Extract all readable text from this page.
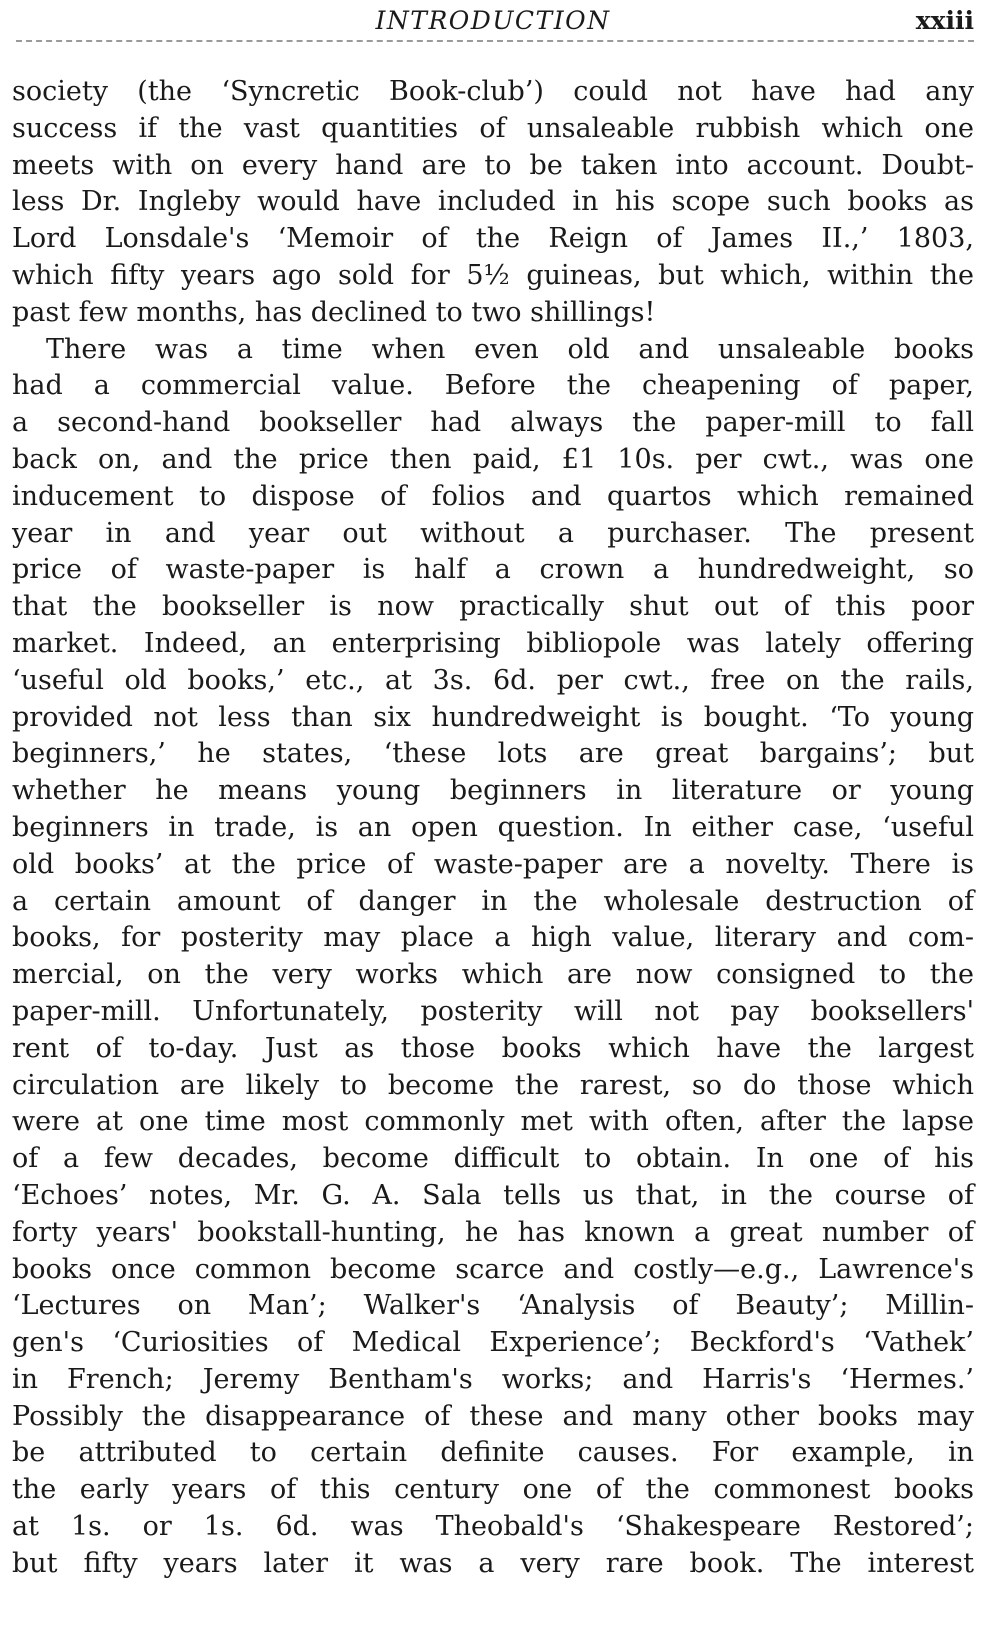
INTRODUCTION	xxiii
society (the ‘Syncretic Book-club’) could not have had any
success if the vast quantities of unsaleable rubbish which one
meets with on every hand are to be taken into account. Doubt-
less Dr. Ingleby would have included in his scope such books as
Lord Lonsdale's ‘Memoir of the Reign of James II.,’ 1803,
which fifty years ago sold for 5½ guineas, but which, within the
past few months, has declined to two shillings!
There was a time when even old and unsaleable books
had a commercial value. Before the cheapening of paper,
a second-hand bookseller had always the paper-mill to fall
back on, and the price then paid, £1 10s. per cwt., was one
inducement to dispose of folios and quartos which remained
year in and year out without a purchaser. The present
price of waste-paper is half a crown a hundredweight, so
that the bookseller is now practically shut out of this poor
market. Indeed, an enterprising bibliopole was lately offering
‘useful old books,’ etc., at 3s. 6d. per cwt., free on the rails,
provided not less than six hundredweight is bought. ‘To young
beginners,’ he states, ‘these lots are great bargains’; but
whether he means young beginners in literature or young
beginners in trade, is an open question. In either case, ‘useful
old books’ at the price of waste-paper are a novelty. There is
a certain amount of danger in the wholesale destruction of
books, for posterity may place a high value, literary and com-
mercial, on the very works which are now consigned to the
paper-mill. Unfortunately, posterity will not pay booksellers'
rent of to-day. Just as those books which have the largest
circulation are likely to become the rarest, so do those which
were at one time most commonly met with often, after the lapse
of a few decades, become difficult to obtain. In one of his
‘Echoes’ notes, Mr. G. A. Sala tells us that, in the course of
forty years' bookstall-hunting, he has known a great number of
books once common become scarce and costly—e.g., Lawrence's
‘Lectures on Man’; Walker's ‘Analysis of Beauty’; Millin-
gen's ‘Curiosities of Medical Experience’; Beckford's ‘Vathek’
in French; Jeremy Bentham's works; and Harris's ‘Hermes.’
Possibly the disappearance of these and many other books may
be attributed to certain definite causes. For example, in
the early years of this century one of the commonest books
at 1s. or 1s. 6d. was Theobald's ‘Shakespeare Restored’;
but fifty years later it was a very rare book. The interest
